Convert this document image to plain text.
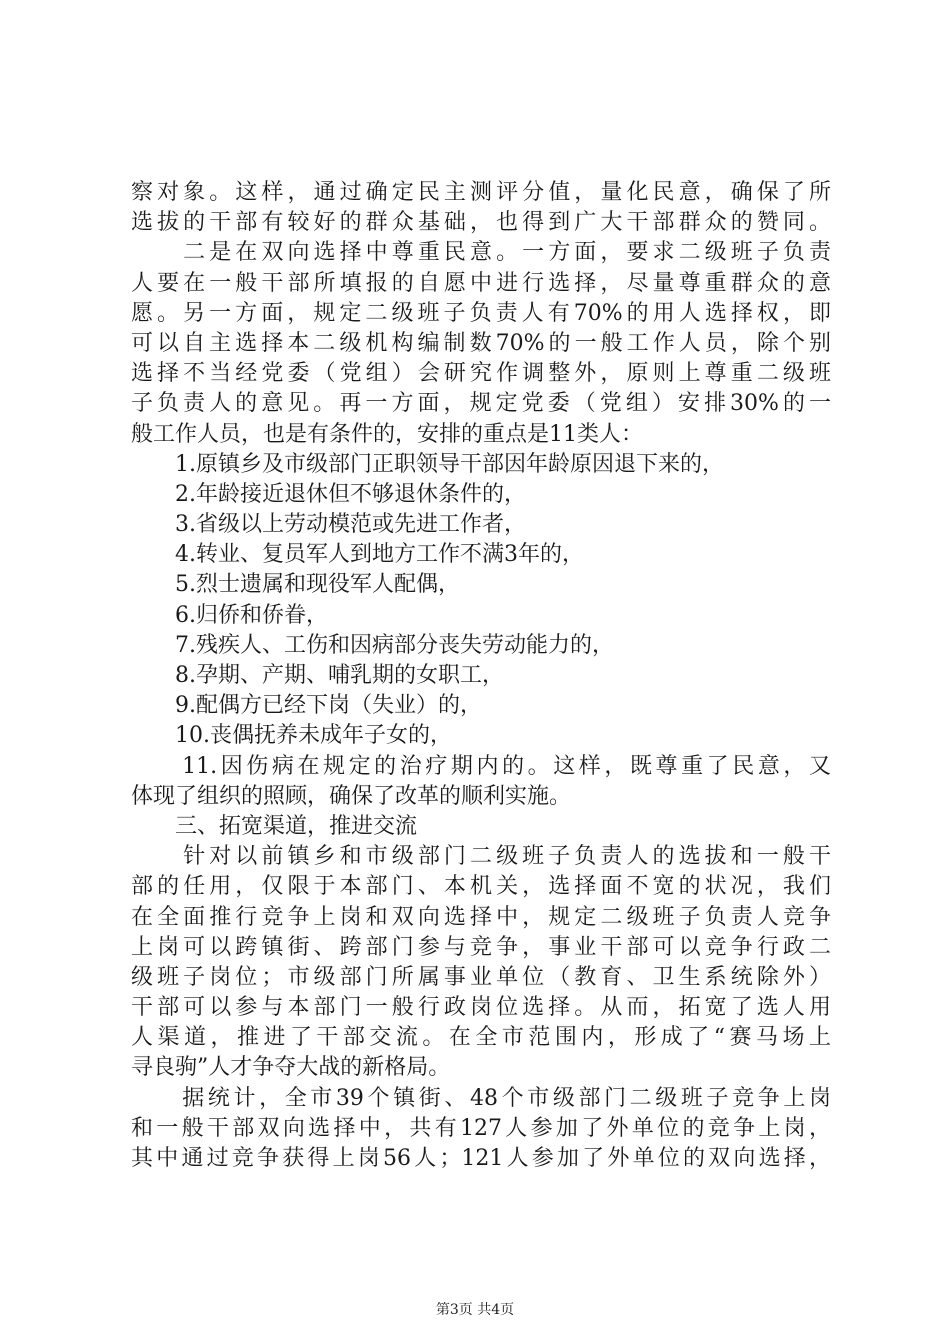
察对象。这样，通过确定民主测评分值，量化民意，确保了所
选拔的干部有较好的群众基础，也得到广大干部群众的赞同。
　　二是在双向选择中尊重民意。一方面，要求二级班子负责
人要在一般干部所填报的自愿中进行选择，尽量尊重群众的意
愿。另一方面，规定二级班子负责人有70%的用人选择权，即
可以自主选择本二级机构编制数70%的一般工作人员，除个别
选择不当经党委（党组）会研究作调整外，原则上尊重二级班
子负责人的意见。再一方面，规定党委（党组）安排30%的一
般工作人员，也是有条件的，安排的重点是11类人：
　　1.原镇乡及市级部门正职领导干部因年龄原因退下来的，
　　2.年龄接近退休但不够退休条件的，
　　3.省级以上劳动模范或先进工作者，
　　4.转业、复员军人到地方工作不满3年的，
　　5.烈士遗属和现役军人配偶，
　　6.归侨和侨眷，
　　7.残疾人、工伤和因病部分丧失劳动能力的，
　　8.孕期、产期、哺乳期的女职工，
　　9.配偶方已经下岗（失业）的，
　　10.丧偶抚养未成年子女的，
　　11.因伤病在规定的治疗期内的。这样，既尊重了民意，又
体现了组织的照顾，确保了改革的顺利实施。
　　三、拓宽渠道，推进交流
　　针对以前镇乡和市级部门二级班子负责人的选拔和一般干
部的任用，仅限于本部门、本机关，选择面不宽的状况，我们
在全面推行竞争上岗和双向选择中，规定二级班子负责人竞争
上岗可以跨镇街、跨部门参与竞争，事业干部可以竞争行政二
级班子岗位；市级部门所属事业单位（教育、卫生系统除外）
干部可以参与本部门一般行政岗位选择。从而，拓宽了选人用
人渠道，推进了干部交流。在全市范围内，形成了“赛马场上
寻良驹”人才争夺大战的新格局。
　　据统计，全市39个镇街、48个市级部门二级班子竞争上岗
和一般干部双向选择中，共有127人参加了外单位的竞争上岗，
其中通过竞争获得上岗56人；121人参加了外单位的双向选择，
第3页 共4页
